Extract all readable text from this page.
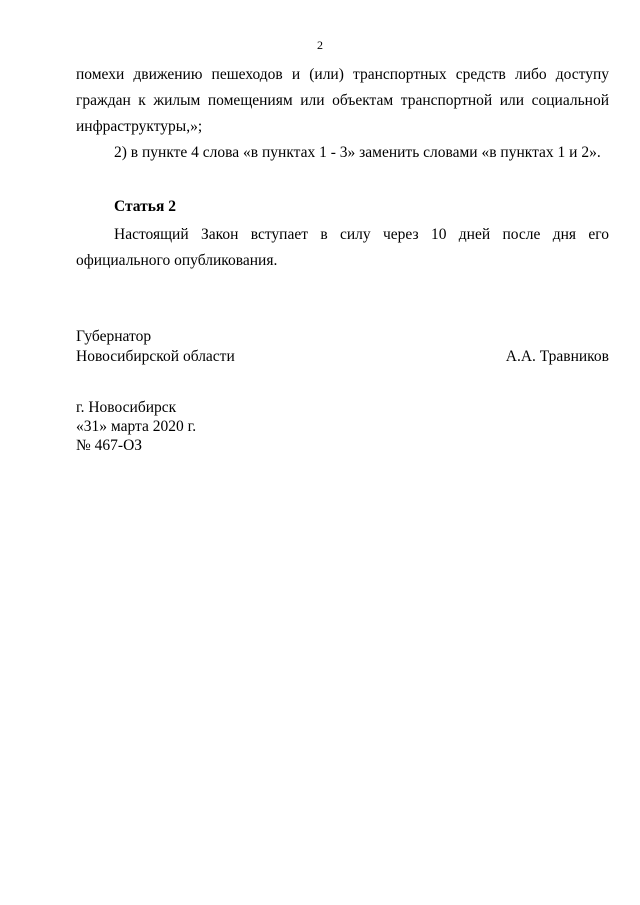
2

помехи движению пешеходов и (или) транспортных средств либо доступу граждан к жилым помещениям или объектам транспортной или социальной инфраструктуры,»;

2) в пункте 4 слова «в пунктах 1 - 3» заменить словами «в пунктах 1 и 2».

Статья 2

Настоящий Закон вступает в силу через 10 дней после дня его официального опубликования.

Губернатор
Новосибирской области	А.А. Травников
г. Новосибирск
«31» марта 2020 г.
№ 467-ОЗ
